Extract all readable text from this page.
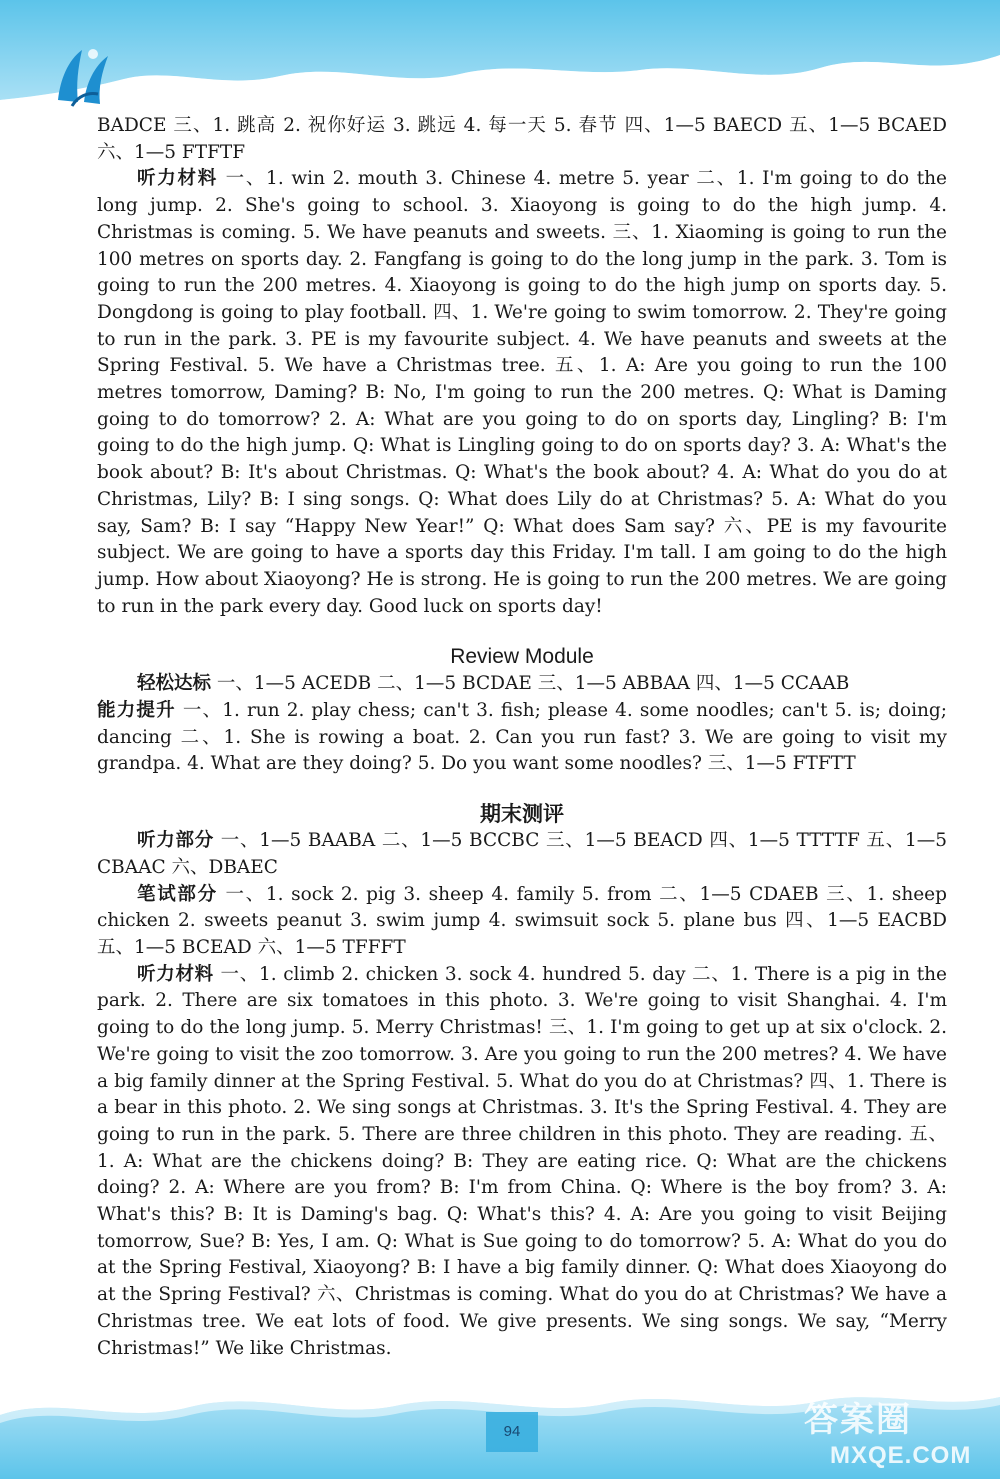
BADCE 三、1. 跳高 2. 祝你好运 3. 跳远 4. 每一天 5. 春节 四、1—5 BAECD 五、1—5 BCAED 六、1—5 FTFTF

听力材料 一、1. win 2. mouth 3. Chinese 4. metre 5. year 二、1. I'm going to do the long jump. 2. She's going to school. 3. Xiaoyong is going to do the high jump. 4. Christmas is coming. 5. We have peanuts and sweets. 三、1. Xiaoming is going to run the 100 metres on sports day. 2. Fangfang is going to do the long jump in the park. 3. Tom is going to run the 200 metres. 4. Xiaoyong is going to do the high jump on sports day. 5. Dongdong is going to play football. 四、1. We're going to swim tomorrow. 2. They're going to run in the park. 3. PE is my favourite subject. 4. We have peanuts and sweets at the Spring Festival. 5. We have a Christmas tree. 五、1. A: Are you going to run the 100 metres tomorrow, Daming? B: No, I'm going to run the 200 metres. Q: What is Daming going to do tomorrow? 2. A: What are you going to do on sports day, Lingling? B: I'm going to do the high jump. Q: What is Lingling going to do on sports day? 3. A: What's the book about? B: It's about Christmas. Q: What's the book about? 4. A: What do you do at Christmas, Lily? B: I sing songs. Q: What does Lily do at Christmas? 5. A: What do you say, Sam? B: I say “Happy New Year!” Q: What does Sam say? 六、PE is my favourite subject. We are going to have a sports day this Friday. I'm tall. I am going to do the high jump. How about Xiaoyong? He is strong. He is going to run the 200 metres. We are going to run in the park every day. Good luck on sports day!

Review Module

轻松达标 一、1—5 ACEDB 二、1—5 BCDAE 三、1—5 ABBAA 四、1—5 CCAAB

能力提升 一、1. run 2. play chess; can't 3. fish; please 4. some noodles; can't 5. is; doing; dancing 二、1. She is rowing a boat. 2. Can you run fast? 3. We are going to visit my grandpa. 4. What are they doing? 5. Do you want some noodles? 三、1—5 FTFTT

期末测评

听力部分 一、1—5 BAABA 二、1—5 BCCBC 三、1—5 BEACD 四、1—5 TTTTF 五、1—5 CBAAC 六、DBAEC

笔试部分 一、1. sock 2. pig 3. sheep 4. family 5. from 二、1—5 CDAEB 三、1. sheep chicken 2. sweets peanut 3. swim jump 4. swimsuit sock 5. plane bus 四、1—5 EACBD 五、1—5 BCEAD 六、1—5 TFFFT

听力材料 一、1. climb 2. chicken 3. sock 4. hundred 5. day 二、1. There is a pig in the park. 2. There are six tomatoes in this photo. 3. We're going to visit Shanghai. 4. I'm going to do the long jump. 5. Merry Christmas! 三、1. I'm going to get up at six o'clock. 2. We're going to visit the zoo tomorrow. 3. Are you going to run the 200 metres? 4. We have a big family dinner at the Spring Festival. 5. What do you do at Christmas? 四、1. There is a bear in this photo. 2. We sing songs at Christmas. 3. It's the Spring Festival. 4. They are going to run in the park. 5. There are three children in this photo. They are reading. 五、1. A: What are the chickens doing? B: They are eating rice. Q: What are the chickens doing? 2. A: Where are you from? B: I'm from China. Q: Where is the boy from? 3. A: What's this? B: It is Daming's bag. Q: What's this? 4. A: Are you going to visit Beijing tomorrow, Sue? B: Yes, I am. Q: What is Sue going to do tomorrow? 5. A: What do you do at the Spring Festival, Xiaoyong? B: I have a big family dinner. Q: What does Xiaoyong do at the Spring Festival? 六、Christmas is coming. What do you do at Christmas? We have a Christmas tree. We eat lots of food. We give presents. We sing songs. We say, “Merry Christmas!” We like Christmas.

94	答案圈
MXQE.COM
